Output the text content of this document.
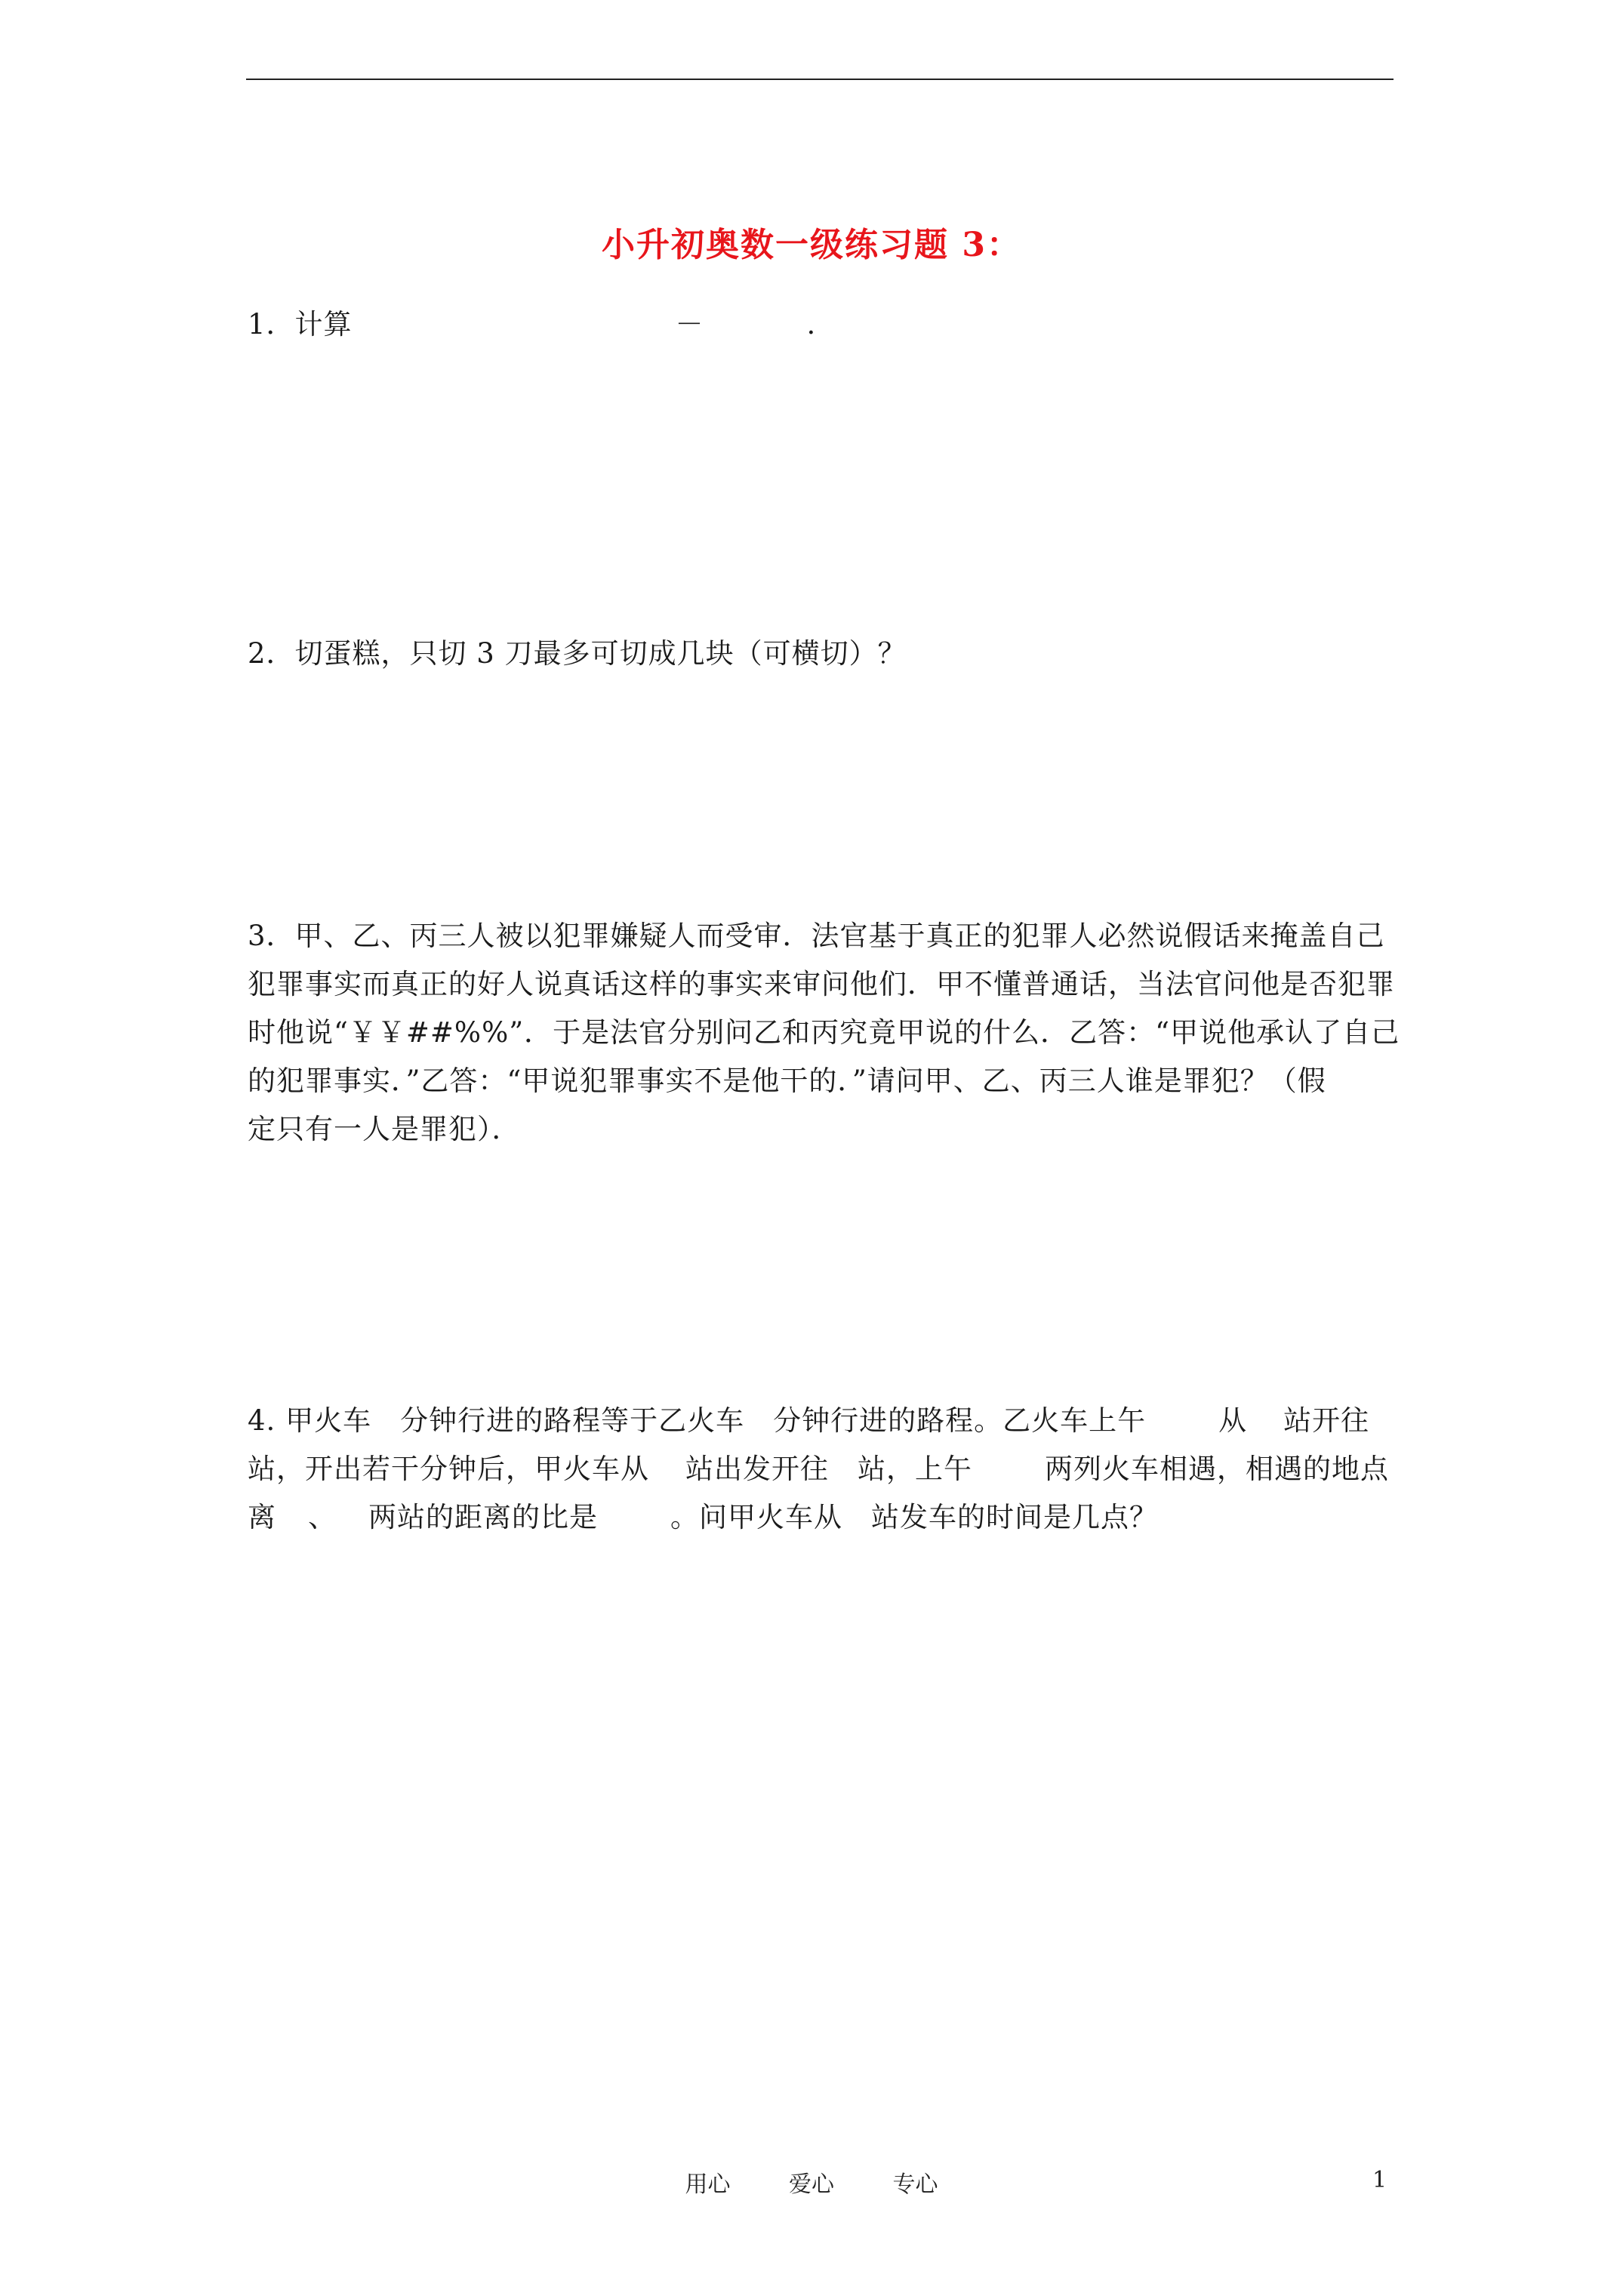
小升初奥数一级练习题 3：
1．计算	－	.
2．切蛋糕，只切 3 刀最多可切成几块（可横切）？
3．甲、乙、丙三人被以犯罪嫌疑人而受审．法官基于真正的犯罪人必然说假话来掩盖自己
犯罪事实而真正的好人说真话这样的事实来审问他们．甲不懂普通话，当法官问他是否犯罪
时他说“￥￥##%%”．于是法官分别问乙和丙究竟甲说的什么．乙答：“甲说他承认了自己
的犯罪事实．”乙答：“甲说犯罪事实不是他干的．”请问甲、乙、丙三人谁是罪犯？（假
定只有一人是罪犯）．
4. 甲火车 分钟行进的路程等于乙火车 分钟行进的路程。乙火车上午	从 站开往
站，开出若干分钟后，甲火车从 站出发开往 站，上午	两列火车相遇，相遇的地点
离 、 两站的距离的比是	。问甲火车从 站发车的时间是几点？
用心	爱心	专心	1
